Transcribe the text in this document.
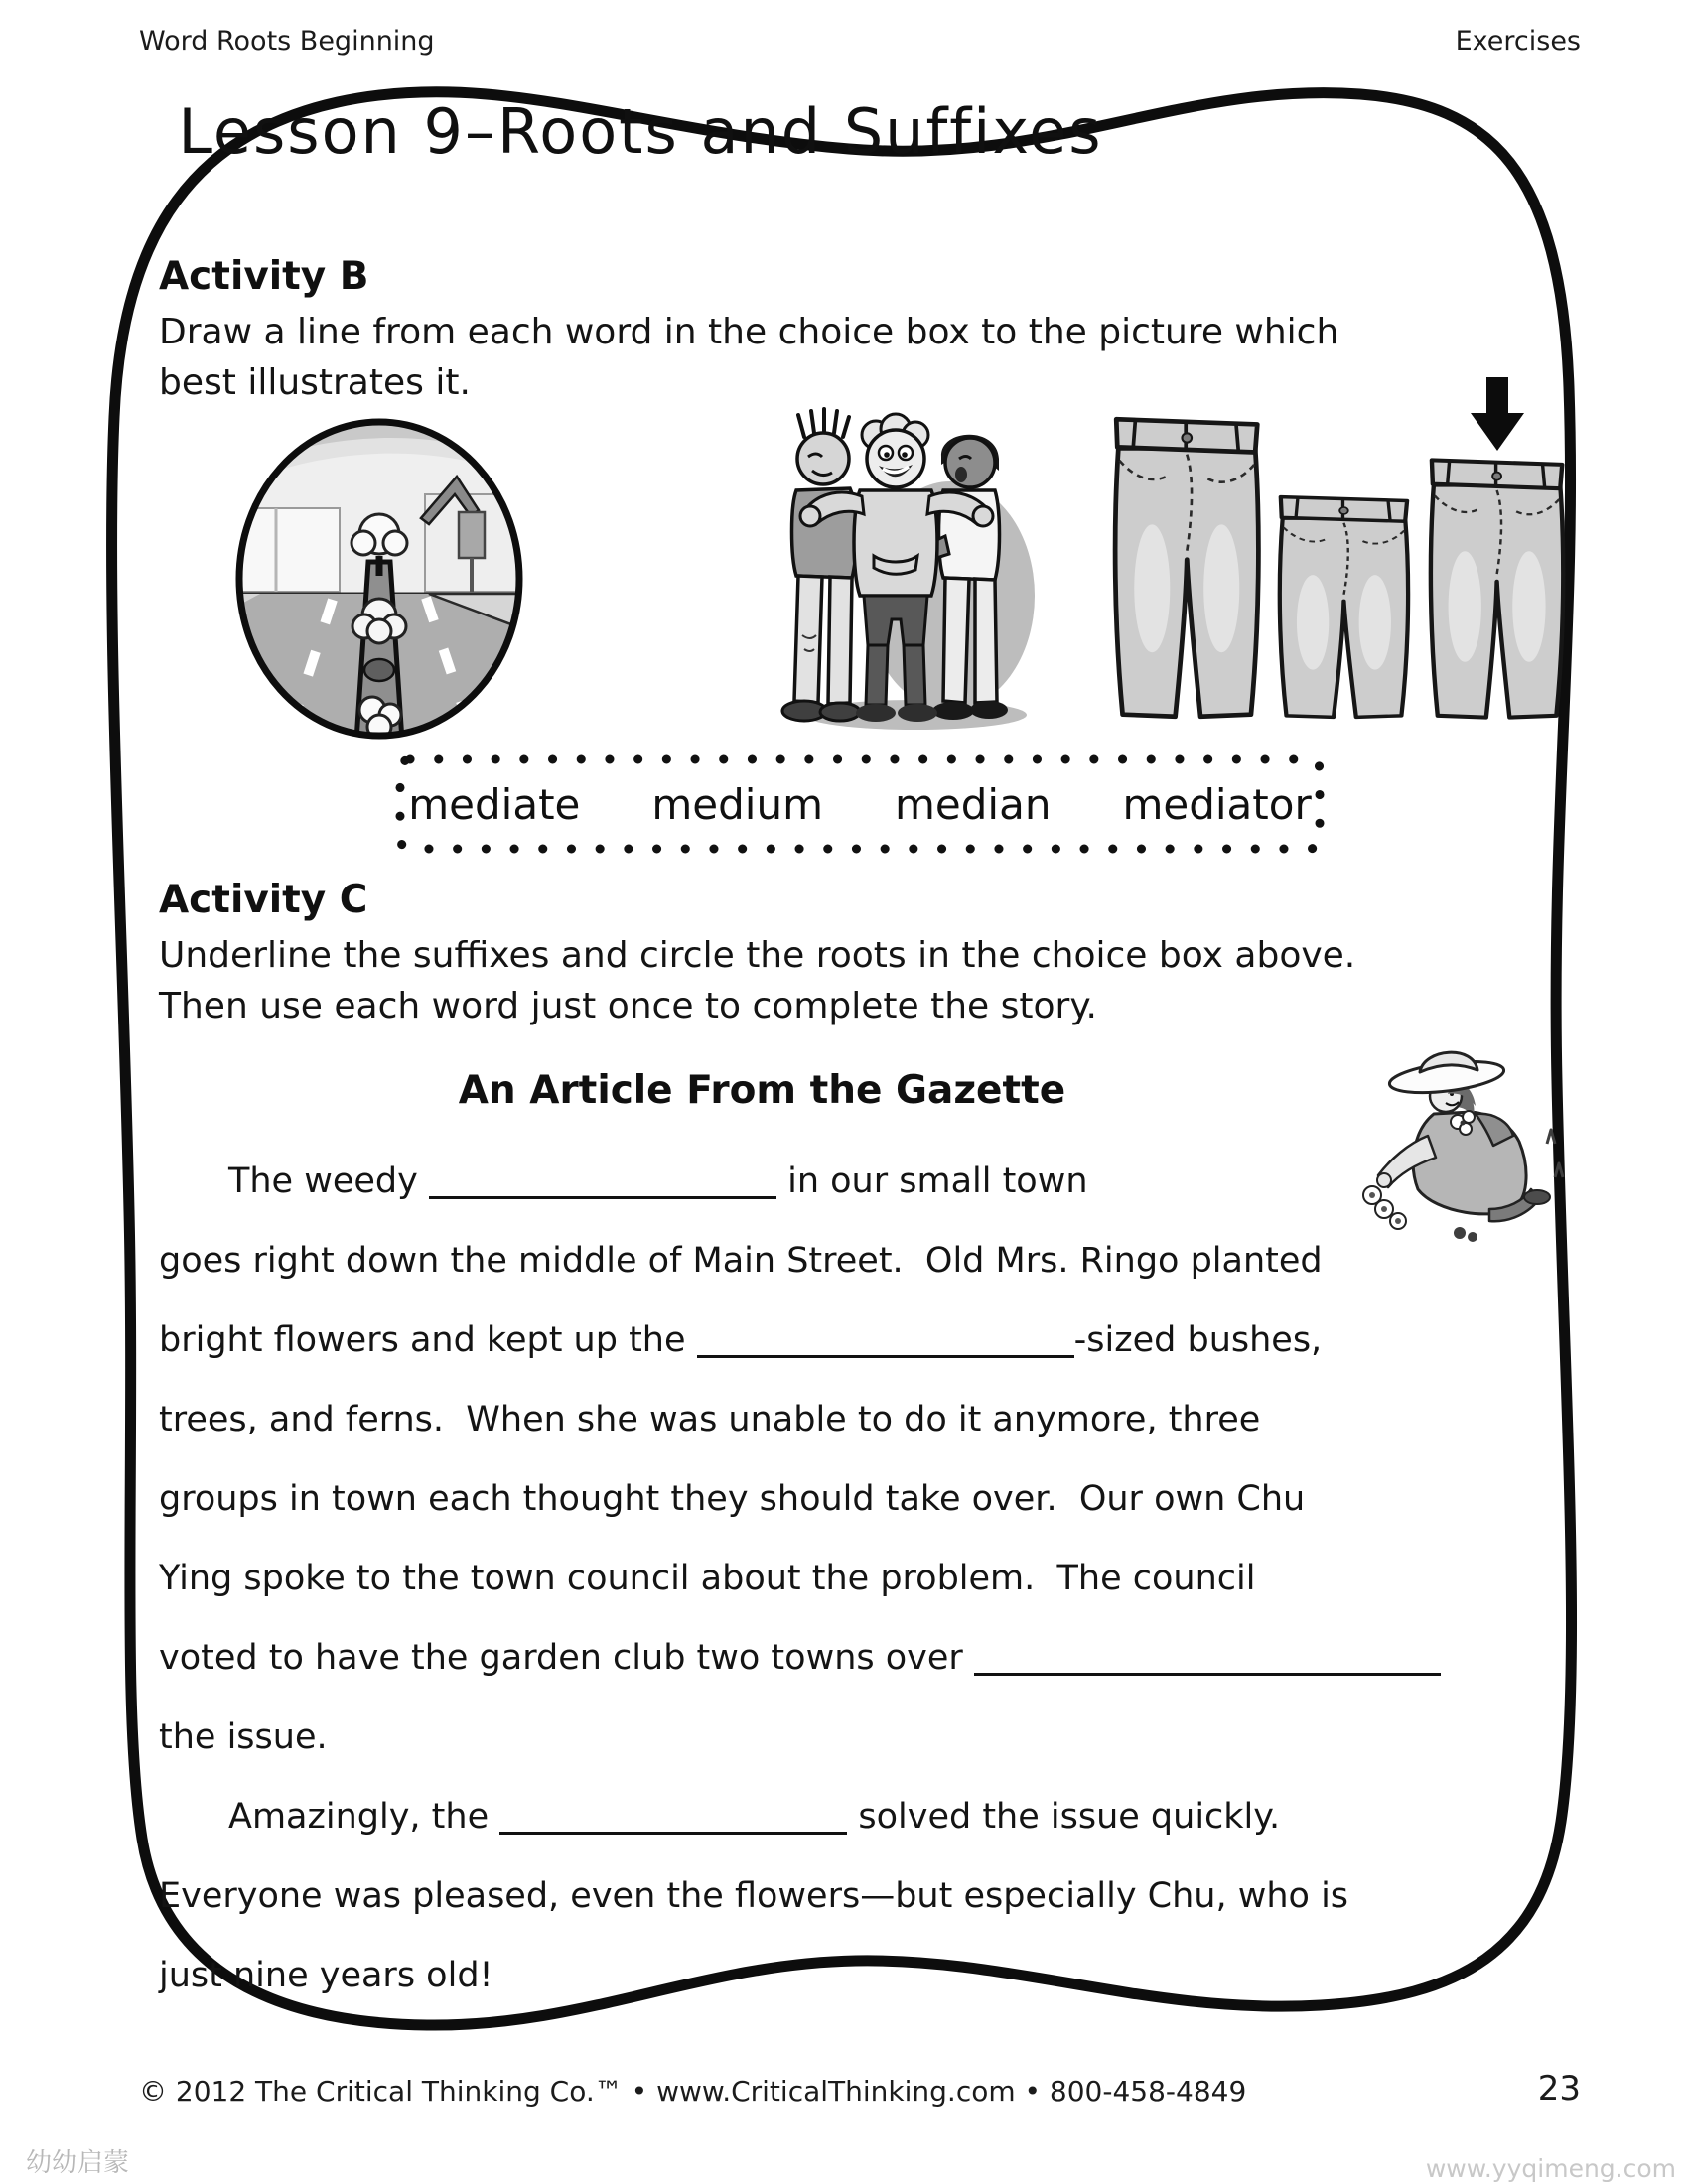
Word Roots Beginning	Exercises
Lesson 9–Roots and Suffixes
Activity B

Draw a line from each word in the choice box to the picture which

best illustrates it.

mediate medium median mediator
Activity C

Underline the suffixes and circle the roots in the choice box above.

Then use each word just once to complete the story.

An Article From the Gazette
The weedy	in our small town
goes right down the middle of Main Street.  Old Mrs. Ringo planted
bright flowers and kept up the	-sized bushes,
trees, and ferns.  When she was unable to do it anymore, three
groups in town each thought they should take over.  Our own Chu
Ying spoke to the town council about the problem.  The council
voted to have the garden club two towns over
the issue.
Amazingly, the	solved the issue quickly.
Everyone was pleased, even the flowers—but especially Chu, who is
just nine years old!
© 2012 The Critical Thinking Co.™ • www.CriticalThinking.com • 800-458-4849	23
幼幼启蒙	www.yyqimeng.com
